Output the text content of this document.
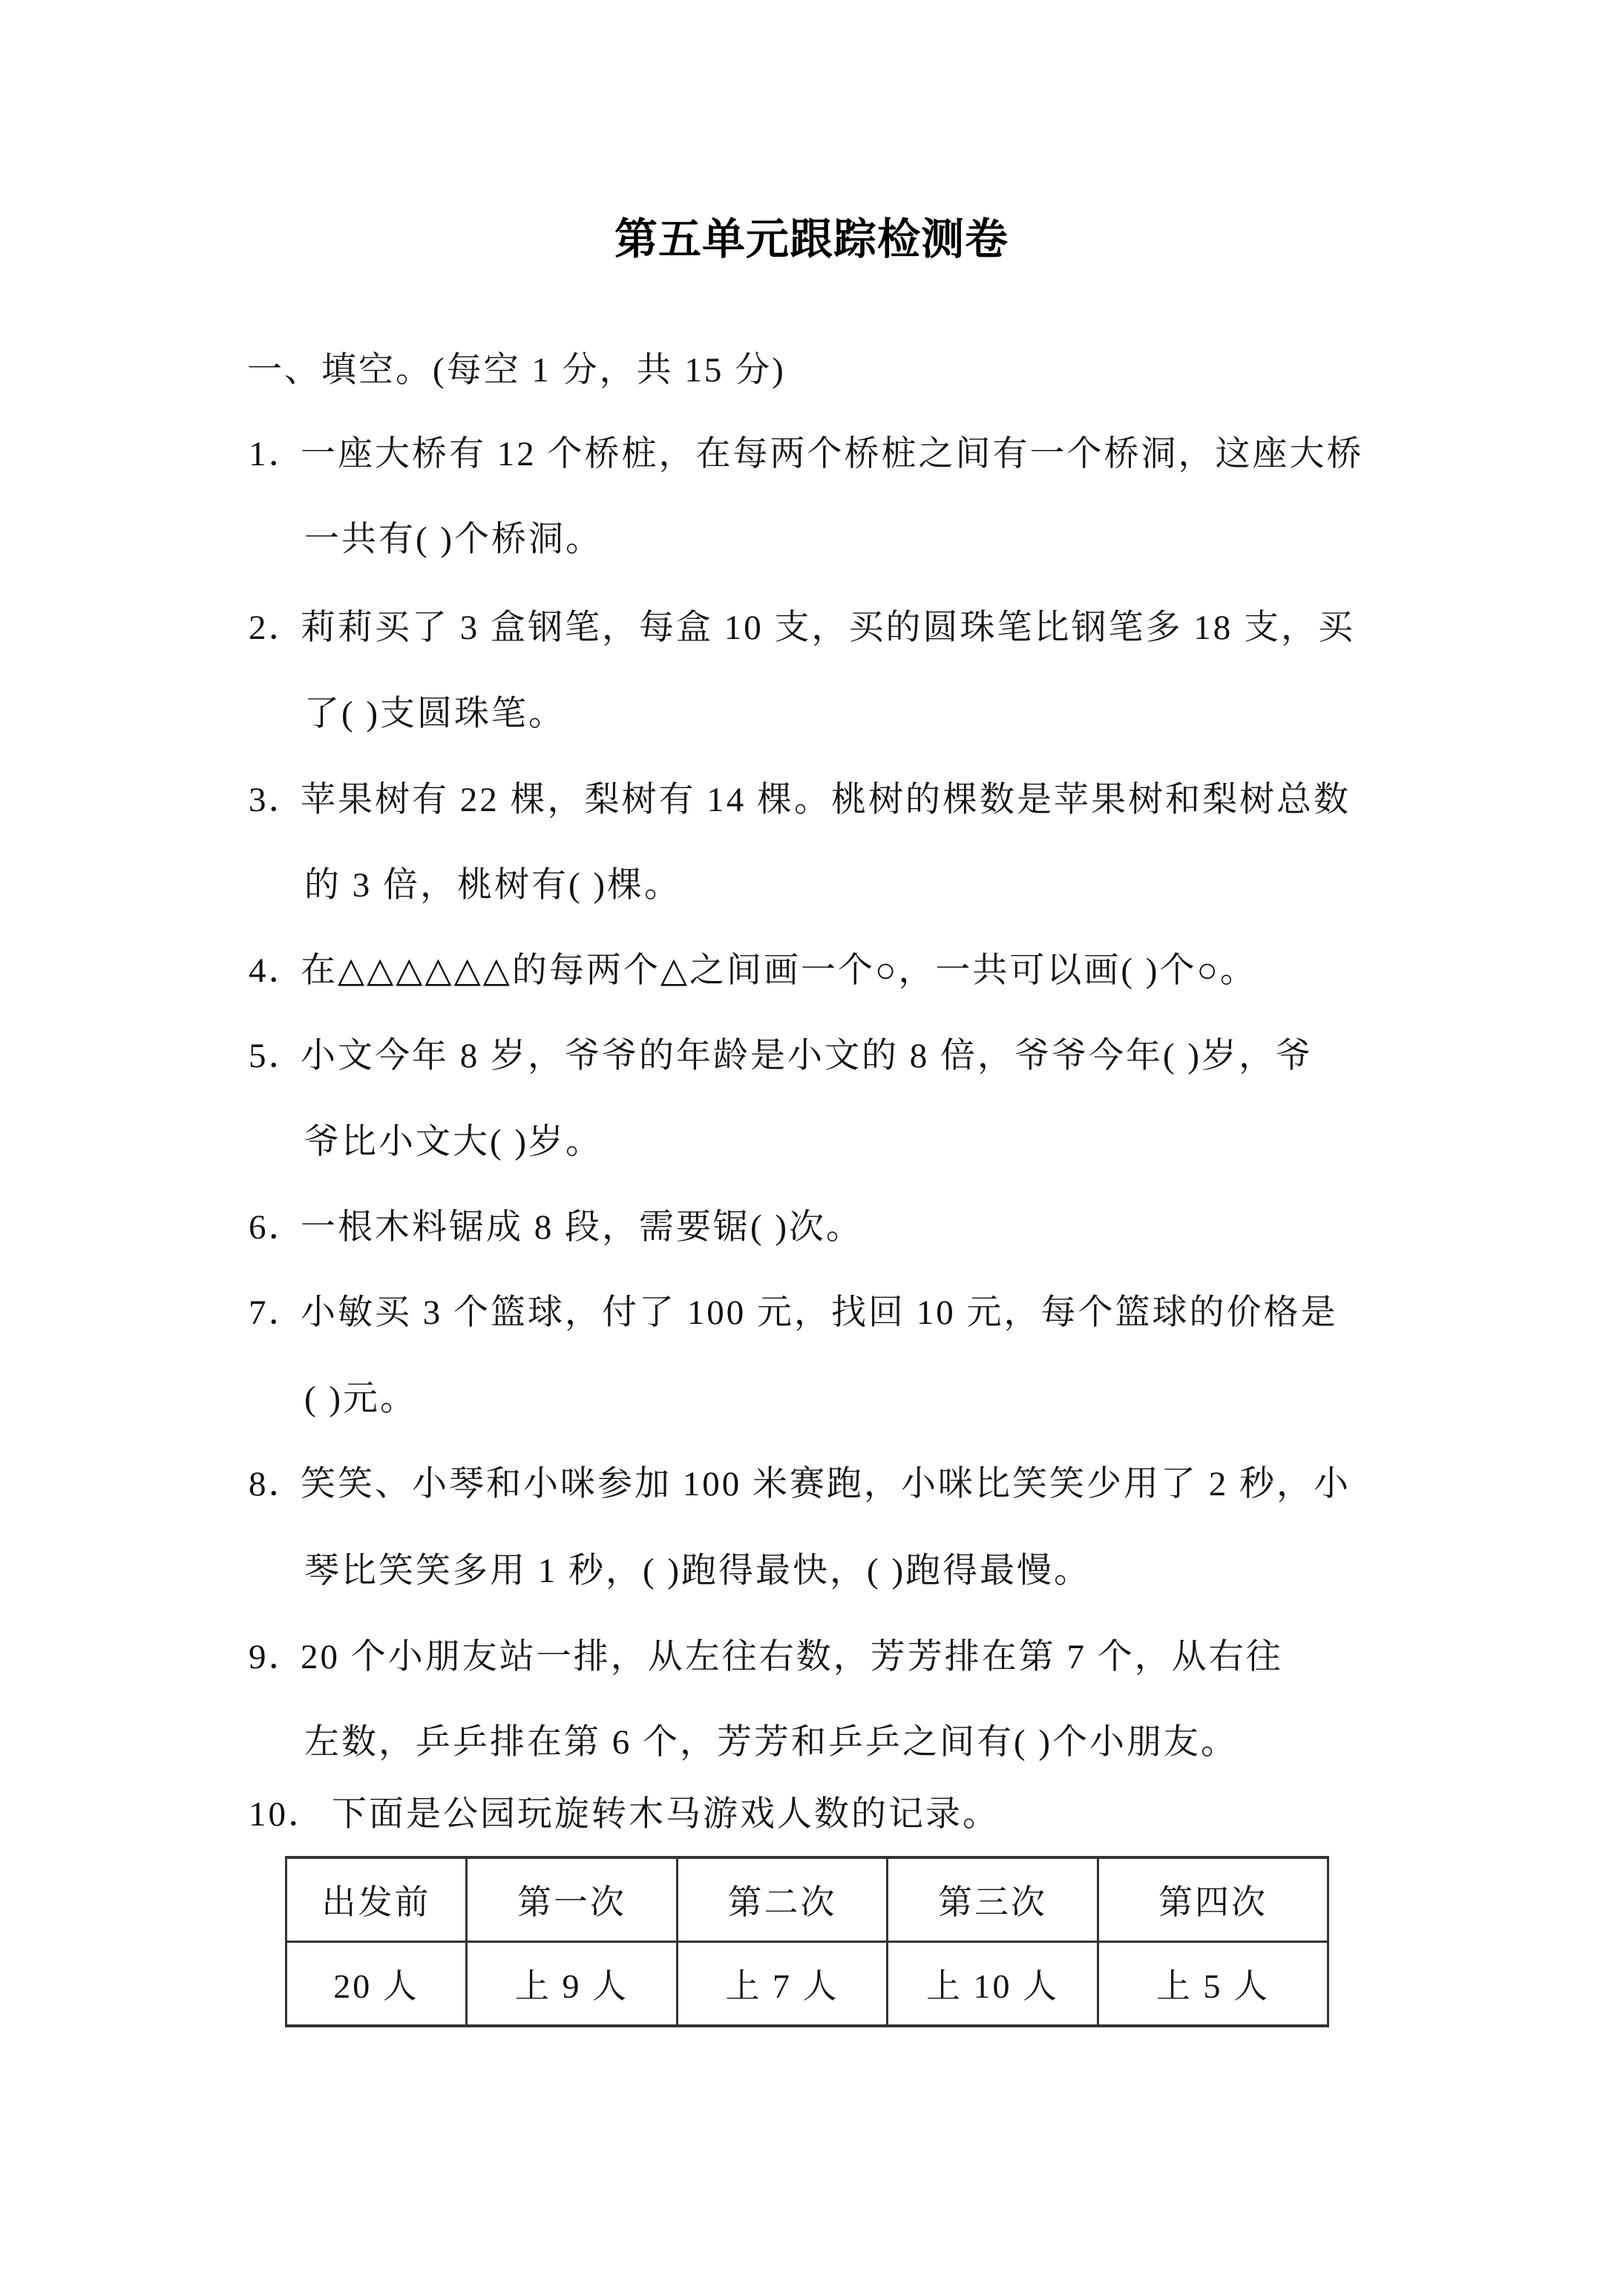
第五单元跟踪检测卷
一、填空。(每空 1 分，共 15 分)
1．
一座大桥有 12 个桥桩，在每两个桥桩之间有一个桥洞，这座大桥
一共有( )个桥洞。
2．
莉莉买了 3 盒钢笔，每盒 10 支，买的圆珠笔比钢笔多 18 支，买
了( )支圆珠笔。
3．
苹果树有 22 棵，梨树有 14 棵。桃树的棵数是苹果树和梨树总数
的 3 倍，桃树有( )棵。
4．
在△△△△△△的每两个△之间画一个○，一共可以画( )个○。
5．
小文今年 8 岁，爷爷的年龄是小文的 8 倍，爷爷今年( )岁，爷
爷比小文大( )岁。
6．
一根木料锯成 8 段，需要锯( )次。
7．
小敏买 3 个篮球，付了 100 元，找回 10 元，每个篮球的价格是
( )元。
8．
笑笑、小琴和小咪参加 100 米赛跑，小咪比笑笑少用了 2 秒，小
琴比笑笑多用 1 秒，( )跑得最快，( )跑得最慢。
9．
20 个小朋友站一排，从左往右数，芳芳排在第 7 个，从右往
左数，乒乒排在第 6 个，芳芳和乒乒之间有( )个小朋友。
10． 下面是公园玩旋转木马游戏人数的记录。
出发前	第一次	第二次	第三次	第四次
20 人	上 9 人	上 7 人	上 10 人	上 5 人
